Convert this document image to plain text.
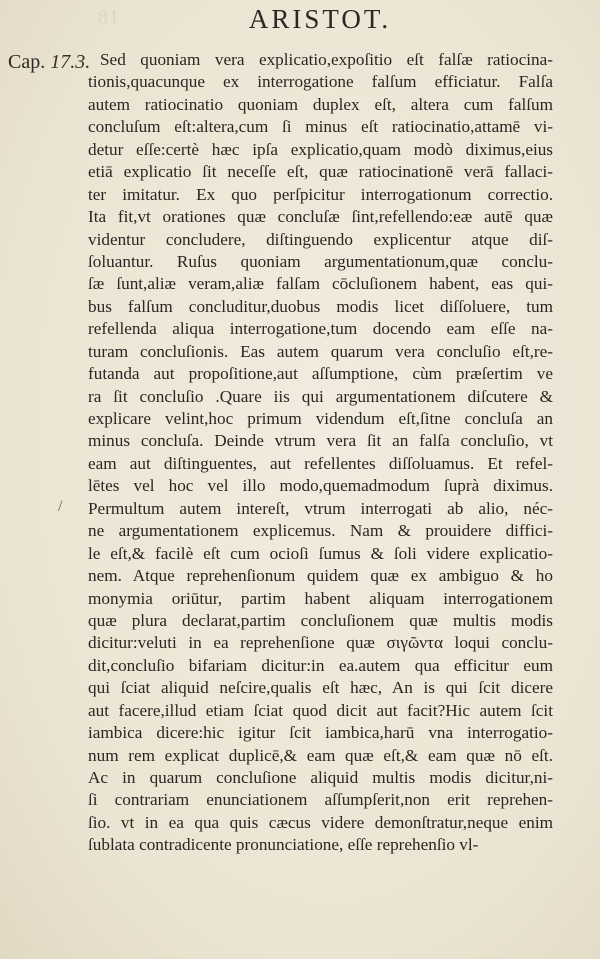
81	ARISTOT.
Cap. 17.3.
/
Sed quoniam vera explicatio,expoſitio eſt falſæ ratiocina-
tionis,quacunque ex interrogatione falſum efficiatur. Falſa
autem ratiocinatio quoniam duplex eſt, altera cum falſum
concluſum eſt:altera,cum ſi minus eſt ratiocinatio,attamē vi-
detur eſſe:certè hæc ipſa explicatio,quam modò diximus,eius
etiā explicatio ſit neceſſe eſt, quæ ratiocinationē verā fallaci-
ter imitatur. Ex quo perſpicitur interrogationum correctio.
Ita fit,vt orationes quæ concluſæ ſint,refellendo:eæ autē quæ
videntur concludere, diſtinguendo explicentur atque diſ-
ſoluantur. Ruſus quoniam argumentationum,quæ conclu-
ſæ ſunt,aliæ veram,aliæ falſam cōcluſionem habent, eas qui-
bus falſum concluditur,duobus modis licet diſſoluere, tum
refellenda aliqua interrogatione,tum docendo eam eſſe na-
turam concluſionis. Eas autem quarum vera concluſio eſt,re-
futanda aut propoſitione,aut aſſumptione, cùm præſertim ve
ra ſit concluſio .Quare iis qui argumentationem diſcutere &
explicare velint,hoc primum videndum eſt,ſitne concluſa an
minus concluſa. Deinde vtrum vera ſit an falſa concluſio, vt
eam aut diſtinguentes, aut refellentes diſſoluamus. Et refel-
lētes vel hoc vel illo modo,quemadmodum ſuprà diximus.
Permultum autem intereſt, vtrum interrogati ab alio, néc-
ne argumentationem explicemus. Nam & prouidere diffici-
le eſt,& facilè eſt cum ocioſi ſumus & ſoli videre explicatio-
nem. Atque reprehenſionum quidem quæ ex ambiguo & ho
monymia oriūtur, partim habent aliquam interrogationem
quæ plura declarat,partim concluſionem quæ multis modis
dicitur:veluti in ea reprehenſione quæ σιγῶντα loqui conclu-
dit,concluſio bifariam dicitur:in ea.autem qua efficitur eum
qui ſciat aliquid neſcire,qualis eſt hæc, An is qui ſcit dicere
aut facere,illud etiam ſciat quod dicit aut facit?Hic autem ſcit
iambica dicere:hic igitur ſcit iambica,harū vna interrogatio-
num rem explicat duplicē,& eam quæ eſt,& eam quæ nō eſt.
Ac in quarum concluſione aliquid multis modis dicitur,ni-
ſi contrariam enunciationem aſſumpſerit,non erit reprehen-
ſio. vt in ea qua quis cæcus videre demonſtratur,neque enim
ſublata contradicente pronunciatione, eſſe reprehenſio vl-
